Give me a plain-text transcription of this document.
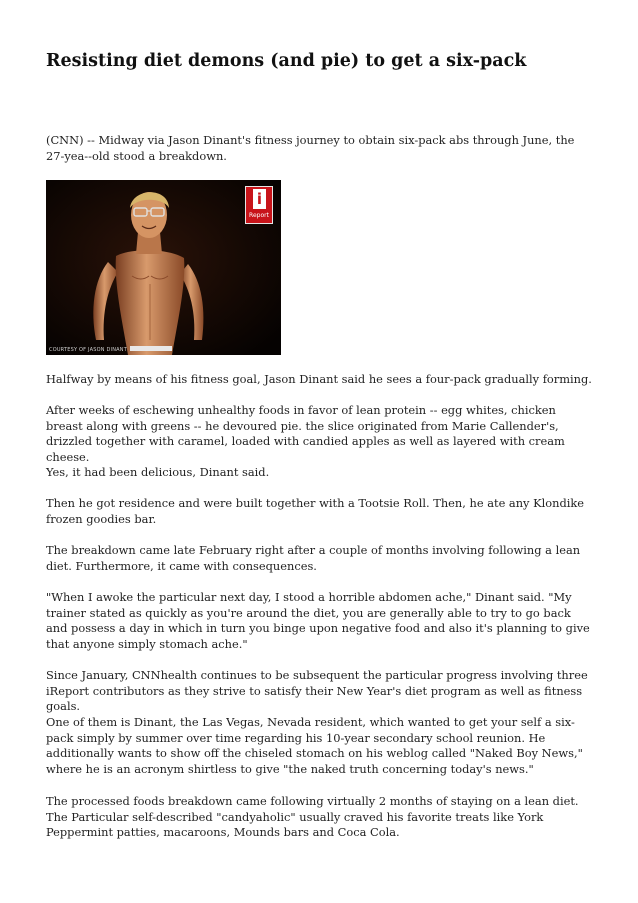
Resisting diet demons (and pie) to get a six-pack

(CNN) -- Midway via Jason Dinant's fitness journey to obtain six-pack abs through June, the 27-yea--old stood a breakdown.

i
Report
COURTESY OF JASON DINANT

Halfway by means of his fitness goal, Jason Dinant said he sees a four-pack gradually forming.

After weeks of eschewing unhealthy foods in favor of lean protein -- egg whites, chicken breast along with greens -- he devoured pie. the slice originated from Marie Callender's, drizzled together with caramel, loaded with candied apples as well as layered with cream cheese.

Yes, it had been delicious, Dinant said.

Then he got residence and were built together with a Tootsie Roll. Then, he ate any Klondike frozen goodies bar.

The breakdown came late February right after a couple of months involving following a lean diet. Furthermore, it came with consequences.

"When I awoke the particular next day, I stood a horrible abdomen ache," Dinant said. "My trainer stated as quickly as you're around the diet, you are generally able to try to go back and possess a day in which in turn you binge upon negative food and also it's planning to give that anyone simply stomach ache."

Since January, CNNhealth continues to be subsequent the particular progress involving three iReport contributors as they strive to satisfy their New Year's diet program as well as fitness goals.

One of them is Dinant, the Las Vegas, Nevada resident, which wanted to get your self a six-pack simply by summer over time regarding his 10-year secondary school reunion. He additionally wants to show off the chiseled stomach on his weblog called "Naked Boy News," where he is an acronym shirtless to give "the naked truth concerning today's news."

The processed foods breakdown came following virtually 2 months of staying on a lean diet. The Particular self-described "candyaholic" usually craved his favorite treats like York Peppermint patties, macaroons, Mounds bars and Coca Cola.
